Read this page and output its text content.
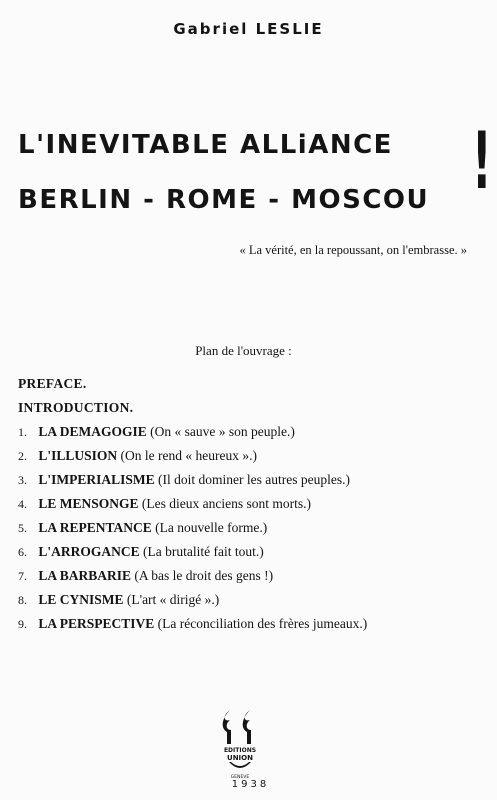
Gabriel LESLIE
L'INEVITABLE ALLiANCE
BERLIN - ROME - MOSCOU !
« La vérité, en la repoussant, on l'embrasse. »
Plan de l'ouvrage :
PREFACE.
INTRODUCTION.
1. LA DEMAGOGIE (On « sauve » son peuple.)
2. L'ILLUSION (On le rend « heureux ».)
3. L'IMPERIALISME (Il doit dominer les autres peuples.)
4. LE MENSONGE (Les dieux anciens sont morts.)
5. LA REPENTANCE (La nouvelle forme.)
6. L'ARROGANCE (La brutalité fait tout.)
7. LA BARBARIE (A bas le droit des gens !)
8. LE CYNISME (L'art « dirigé ».)
9. LA PERSPECTIVE (La réconciliation des frères jumeaux.)
EDITIONS
UNION
GENEVE
1938
